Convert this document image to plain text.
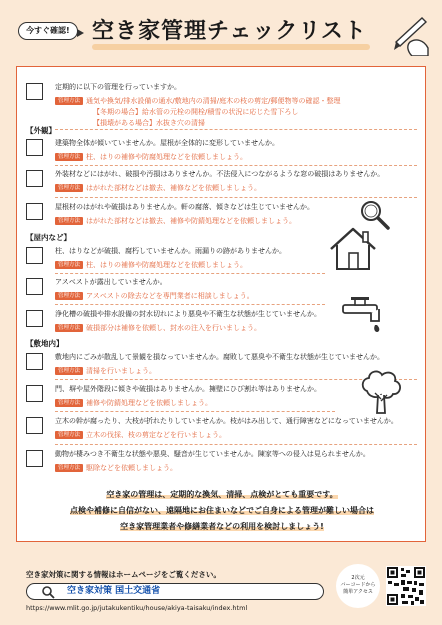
今すぐ確認!	空き家管理チェックリスト
定期的に以下の管理を行っていますか。
管理方法 通気や換気/排水設備の通水/敷地内の清掃/庭木の枝の剪定/郵便物等の確認・整理
【冬期の場合】給水管の元栓の開栓/積雪の状況に応じた雪下ろし
【損壊がある場合】水抜き穴の清掃
【外観】
建築物全体が傾いていませんか。屋根が全体的に変形していませんか。
管理方法 柱、はりの補修や防腐処理などを依頼しましょう。
外装材などにはがれ、破損や汚損はありませんか。不法侵入につながるような窓の破損はありませんか。
管理方法 はがれた部材などは撤去、補修などを依頼しましょう。
屋根材のはがれや破損はありませんか。軒の腐落、傾きなどは生じていませんか。
管理方法 はがれた部材などは撤去、補修や防錆処理などを依頼しましょう。
【屋内など】
柱、はりなどが破損、腐朽していませんか。雨漏りの跡がありませんか。
管理方法 柱、はりの補修や防腐処理などを依頼しましょう。
アスベストが露出していませんか。
管理方法 アスベストの除去などを専門業者に相談しましょう。
浄化槽の破損や排水設備の封水切れにより悪臭や不衛生な状態が生じていませんか。
管理方法 破損部分は補修を依頼し、封水の注入を行いましょう。
【敷地内】
敷地内にごみが散乱して景観を損なっていませんか。腐敗して悪臭や不衛生な状態が生じていませんか。
管理方法 清掃を行いましょう。
門、塀や屋外階段に傾きや破損はありませんか。擁壁にひび割れ等はありませんか。
管理方法 補修や防錆処理などを依頼しましょう。
立木の幹が腐ったり、大枝が折れたりしていませんか。枝がはみ出して、通行障害などになっていませんか。
管理方法 立木の伐採、枝の剪定などを行いましょう。
動物が棲みつき不衛生な状態や悪臭、騒音が生じていませんか。陳家等への侵入は見られませんか。
管理方法 駆除などを依頼しましょう。
空き家の管理は、定期的な換気、清掃、点検がとても重要です。
点検や補修に自信がない、遠隔地にお住まいなどでご自身による管理が難しい場合は
空き家管理業者や修繕業者などの利用を検討しましょう!
空き家対策に関する情報はホームページをご覧ください。
空き家対策 国土交通省
https://www.mlit.go.jp/jutakukentiku/house/akiya-taisaku/index.html
2次元
バーコードから
簡単アクセス
